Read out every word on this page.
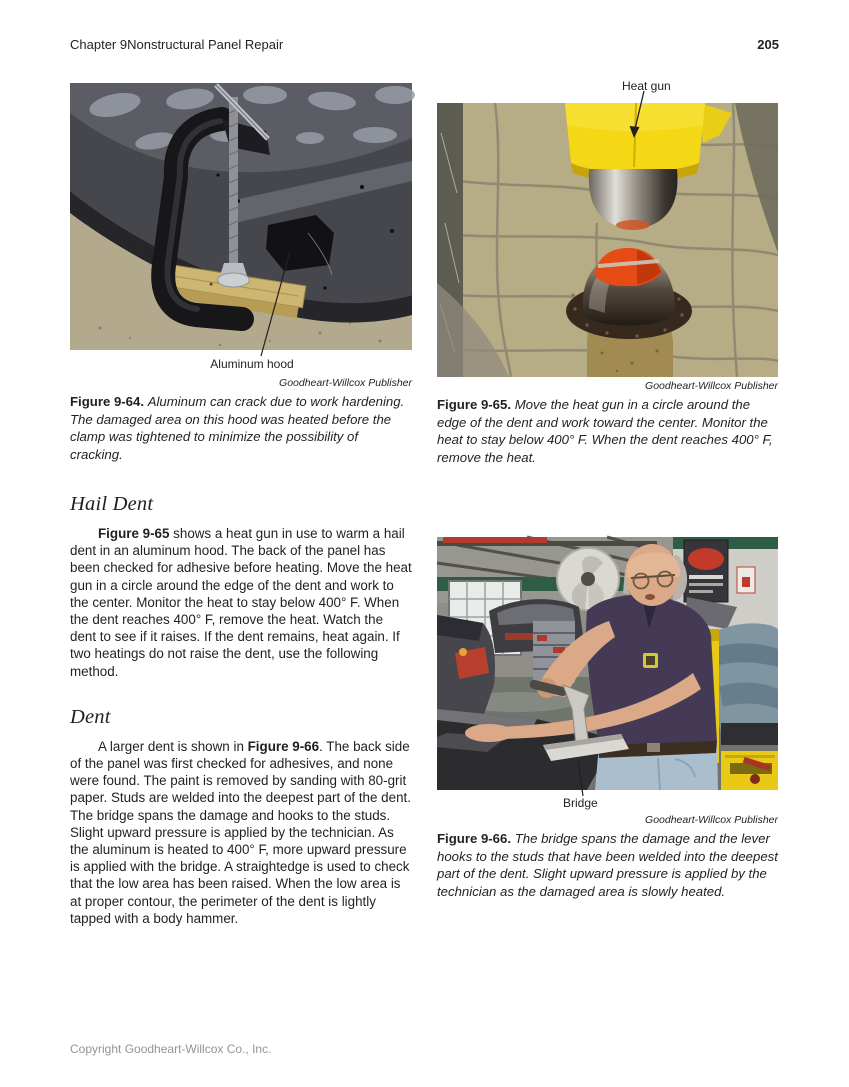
Chapter 9Nonstructural Panel Repair	205
Aluminum hood
Goodheart-Willcox Publisher
Figure 9-64. Aluminum can crack due to work hardening. The damaged area on this hood was heated before the clamp was tightened to minimize the possibility of cracking.
Hail Dent

Figure 9-65 shows a heat gun in use to warm a hail dent in an aluminum hood. The back of the panel has been checked for adhesive before heating. Move the heat gun in a circle around the edge of the dent and work to the center. Monitor the heat to stay below 400° F. When the dent reaches 400° F, remove the heat. Watch the dent to see if it raises. If the dent remains, heat again. If two heatings do not raise the dent, use the following method.

Dent

A larger dent is shown in Figure 9-66. The back side of the panel was first checked for adhesives, and none were found. The paint is removed by sanding with 80-grit paper. Studs are welded into the deepest part of the dent. The bridge spans the damage and hooks to the studs. Slight upward pressure is applied by the technician. As the aluminum is heated to 400° F, more upward pressure is applied with the bridge. A straightedge is used to check that the low area has been raised. When the low area is at proper contour, the perimeter of the dent is lightly tapped with a body hammer.

Heat gun
Goodheart-Willcox Publisher
Figure 9-65. Move the heat gun in a circle around the edge of the dent and work toward the center. Monitor the heat to stay below 400° F. When the dent reaches 400° F, remove the heat.
Bridge
Goodheart-Willcox Publisher
Figure 9-66. The bridge spans the damage and the lever hooks to the studs that have been welded into the deepest part of the dent. Slight upward pressure is applied by the technician as the damaged area is slowly heated.
Copyright Goodheart-Willcox Co., Inc.
